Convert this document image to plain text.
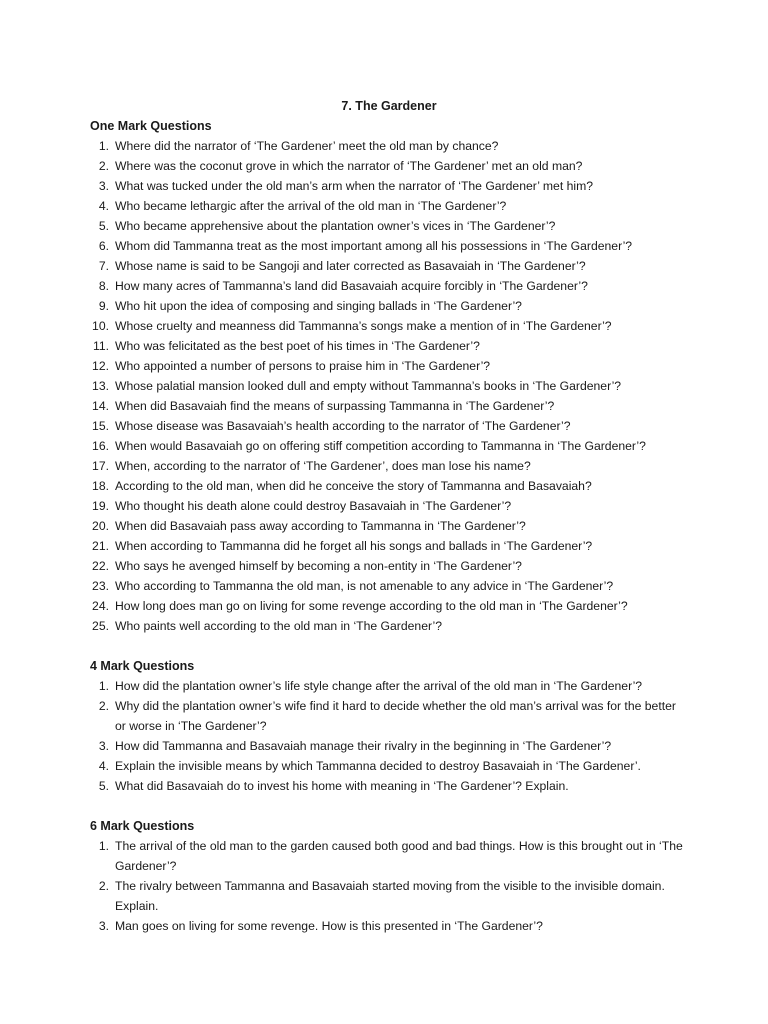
7. The Gardener
One Mark Questions
1. Where did the narrator of ‘The Gardener’ meet the old man by chance?
2. Where was the coconut grove in which the narrator of ‘The Gardener’ met an old man?
3. What was tucked under the old man’s arm when the narrator of ‘The Gardener’ met him?
4. Who became lethargic after the arrival of the old man in ‘The Gardener’?
5. Who became apprehensive about the plantation owner’s vices in ‘The Gardener’?
6. Whom did Tammanna treat as the most important among all his possessions in ‘The Gardener’?
7. Whose name is said to be Sangoji and later corrected as Basavaiah in ‘The Gardener’?
8. How many acres of Tammanna’s land did Basavaiah acquire forcibly in ‘The Gardener’?
9. Who hit upon the idea of composing and singing ballads in ‘The Gardener’?
10. Whose cruelty and meanness did Tammanna’s songs make a mention of in ‘The Gardener’?
11. Who was felicitated as the best poet of his times in ‘The Gardener’?
12. Who appointed a number of persons to praise him in ‘The Gardener’?
13. Whose palatial mansion looked dull and empty without Tammanna’s books in ‘The Gardener’?
14. When did Basavaiah find the means of surpassing Tammanna in ‘The Gardener’?
15. Whose disease was Basavaiah’s health according to the narrator of ‘The Gardener’?
16. When would Basavaiah go on offering stiff competition according to Tammanna in ‘The Gardener’?
17. When, according to the narrator of ‘The Gardener’, does man lose his name?
18. According to the old man, when did he conceive the story of Tammanna and Basavaiah?
19. Who thought his death alone could destroy Basavaiah in ‘The Gardener’?
20. When did Basavaiah pass away according to Tammanna in ‘The Gardener’?
21. When according to Tammanna did he forget all his songs and ballads in ‘The Gardener’?
22. Who says he avenged himself by becoming a non-entity in ‘The Gardener’?
23. Who according to Tammanna the old man, is not amenable to any advice in ‘The Gardener’?
24. How long does man go on living for some revenge according to the old man in ‘The Gardener’?
25. Who paints well according to the old man in ‘The Gardener’?
4 Mark Questions
1. How did the plantation owner’s life style change after the arrival of the old man in ‘The Gardener’?
2. Why did the plantation owner’s wife find it hard to decide whether the old man’s arrival was for the better or worse in ‘The Gardener’?
3. How did Tammanna and Basavaiah manage their rivalry in the beginning in ‘The Gardener’?
4. Explain the invisible means by which Tammanna decided to destroy Basavaiah in ‘The Gardener’.
5. What did Basavaiah do to invest his home with meaning in ‘The Gardener’? Explain.
6 Mark Questions
1. The arrival of the old man to the garden caused both good and bad things. How is this brought out in ‘The Gardener’?
2. The rivalry between Tammanna and Basavaiah started moving from the visible to the invisible domain. Explain.
3. Man goes on living for some revenge. How is this presented in ‘The Gardener’?
